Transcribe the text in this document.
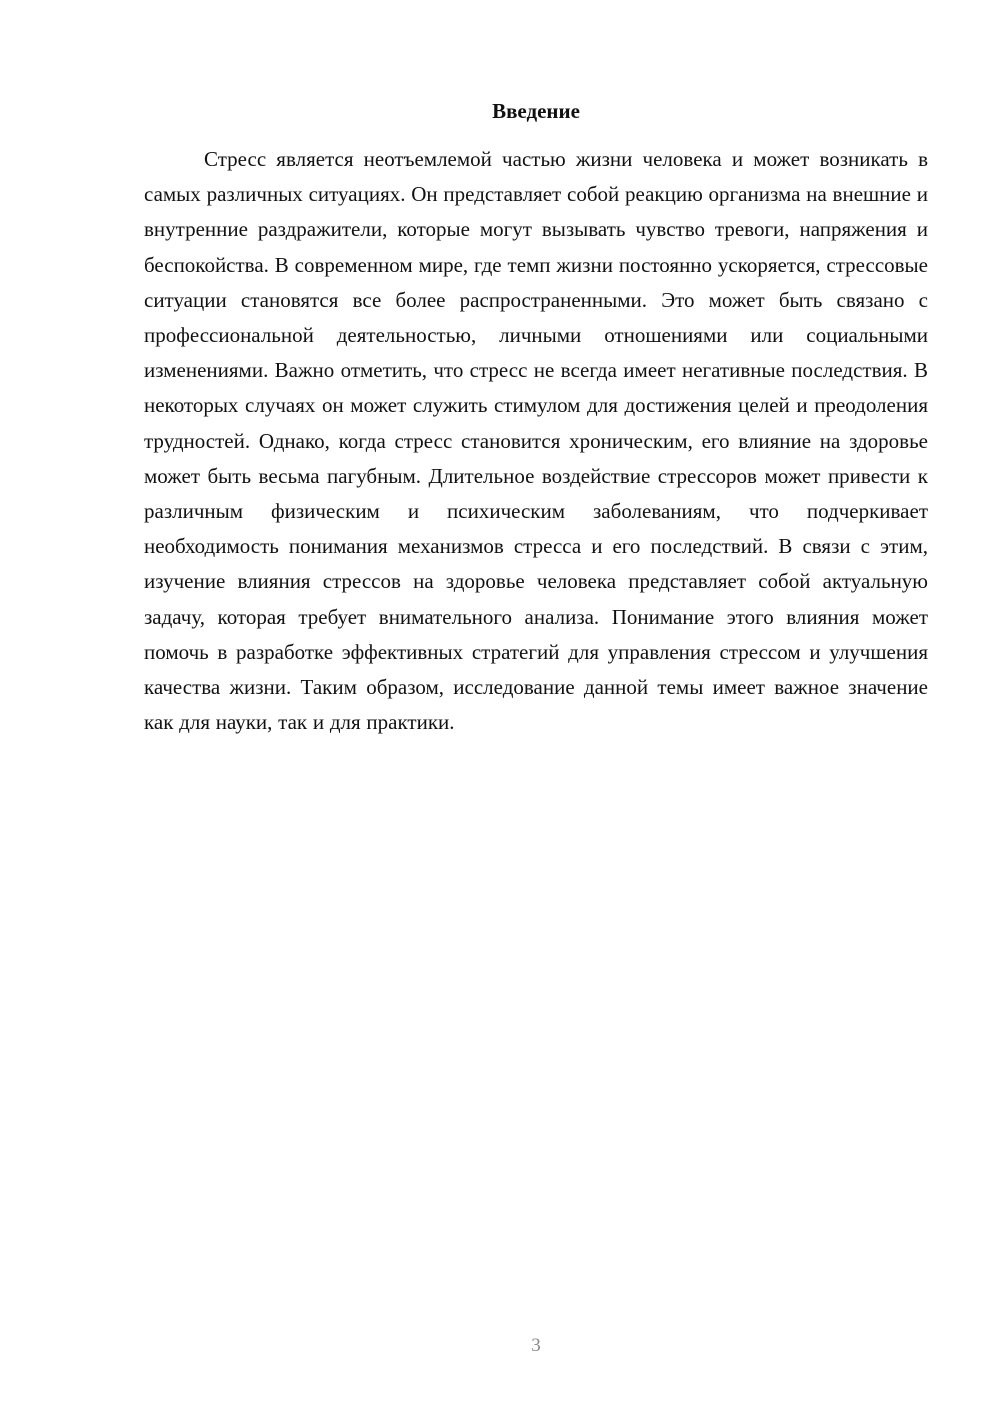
Введение

Стресс является неотъемлемой частью жизни человека и может возникать в самых различных ситуациях. Он представляет собой реакцию организма на внешние и внутренние раздражители, которые могут вызывать чувство тревоги, напряжения и беспокойства. В современном мире, где темп жизни постоянно ускоряется, стрессовые ситуации становятся все более распространенными. Это может быть связано с профессиональной деятельностью, личными отношениями или социальными изменениями. Важно отметить, что стресс не всегда имеет негативные последствия. В некоторых случаях он может служить стимулом для достижения целей и преодоления трудностей. Однако, когда стресс становится хроническим, его влияние на здоровье может быть весьма пагубным. Длительное воздействие стрессоров может привести к различным физическим и психическим заболеваниям, что подчеркивает необходимость понимания механизмов стресса и его последствий. В связи с этим, изучение влияния стрессов на здоровье человека представляет собой актуальную задачу, которая требует внимательного анализа. Понимание этого влияния может помочь в разработке эффективных стратегий для управления стрессом и улучшения качества жизни. Таким образом, исследование данной темы имеет важное значение как для науки, так и для практики.

3
